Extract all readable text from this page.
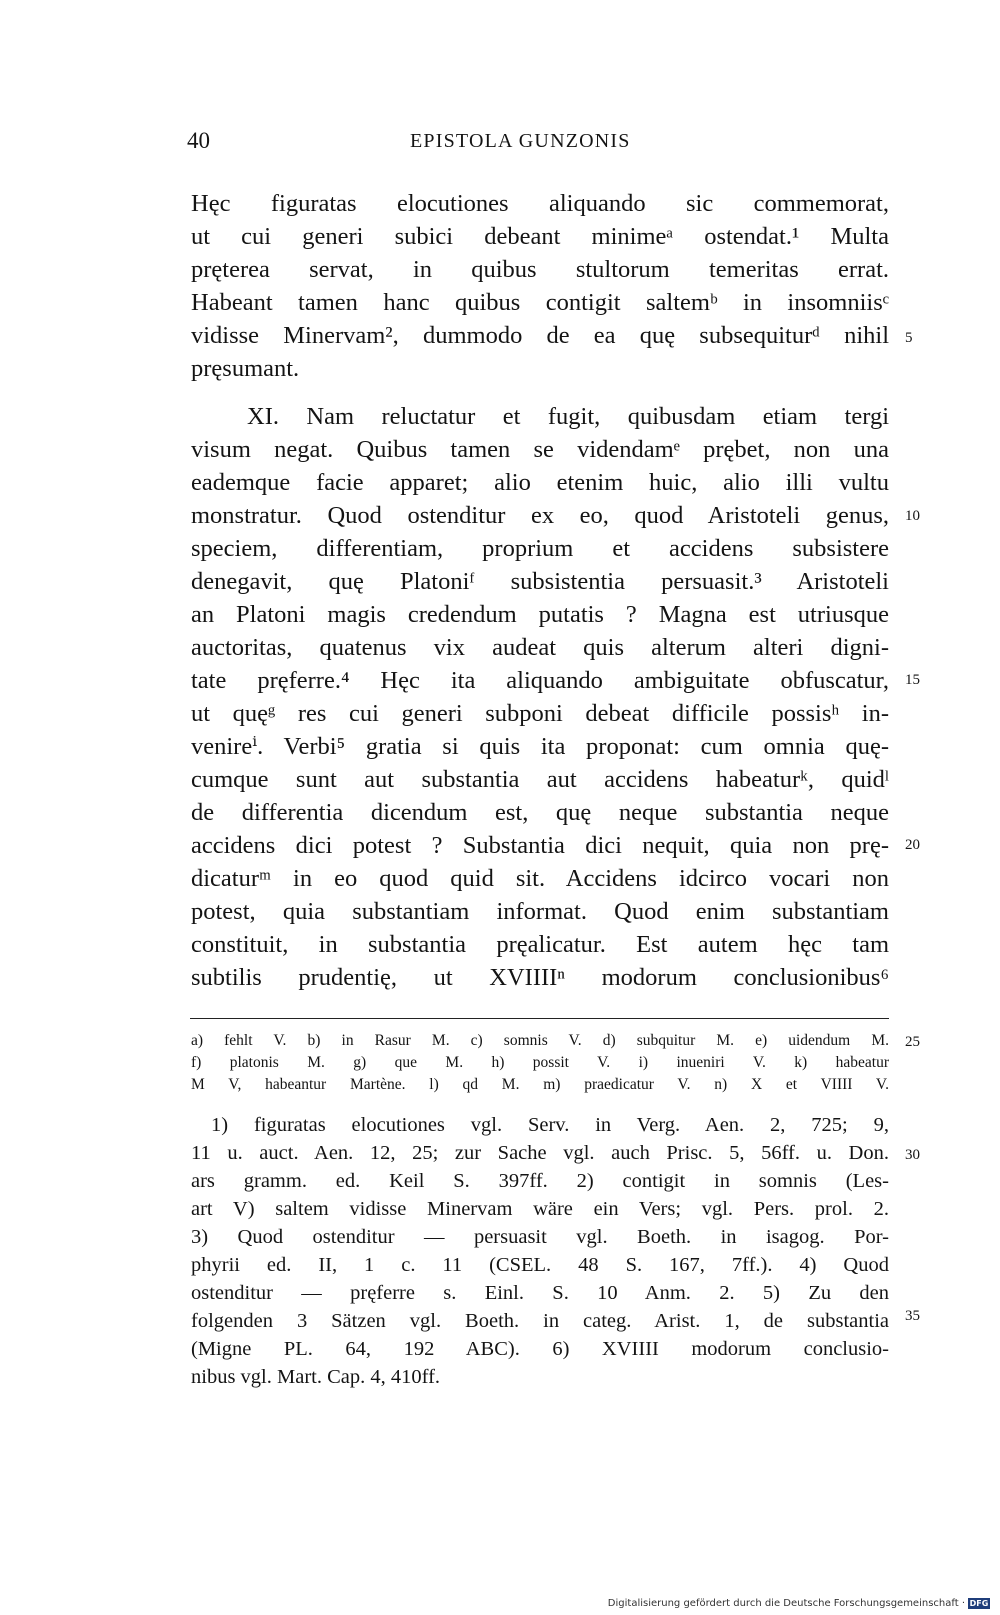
40	EPISTOLA GUNZONIS
Hęc figuratas elocutiones aliquando sic commemorat,
ut cui generi subici debeant minimeᵃ ostendat.¹ Multa
pręterea servat, in quibus stultorum temeritas errat.
Habeant tamen hanc quibus contigit saltemᵇ in insomniisᶜ
vidisse Minervam², dummodo de ea quę subsequiturᵈ nihil
pręsumant.
XI. Nam reluctatur et fugit, quibusdam etiam tergi
visum negat. Quibus tamen se videndamᵉ prębet, non una
eademque facie apparet; alio etenim huic, alio illi vultu
monstratur. Quod ostenditur ex eo, quod Aristoteli genus,
speciem, differentiam, proprium et accidens subsistere
denegavit, quę Platoniᶠ subsistentia persuasit.³ Aristoteli
an Platoni magis credendum putatis ? Magna est utriusque
auctoritas, quatenus vix audeat quis alterum alteri digni-
tate pręferre.⁴ Hęc ita aliquando ambiguitate obfuscatur,
ut quęᵍ res cui generi subponi debeat difficile possisʰ in-
venireⁱ. Verbi⁵ gratia si quis ita proponat: cum omnia quę-
cumque sunt aut substantia aut accidens habeaturᵏ, quidˡ
de differentia dicendum est, quę neque substantia neque
accidens dici potest ? Substantia dici nequit, quia non prę-
dicaturᵐ in eo quod quid sit. Accidens idcirco vocari non
potest, quia substantiam informat. Quod enim substantiam
constituit, in substantia pręalicatur. Est autem hęc tam
subtilis prudentię, ut XVIIIIⁿ modorum conclusionibus⁶
5
10
15
20
25
30
35
a) fehlt V. b) in Rasur M. c) somnis V. d) subquitur M. e) uidendum M.
f) platonis M. g) que M. h) possit V. i) inueniri V. k) habeatur
M V, habeantur Martène. l) qd M. m) praedicatur V. n) X et VIIII V.
1) figuratas elocutiones vgl. Serv. in Verg. Aen. 2, 725; 9,
11 u. auct. Aen. 12, 25; zur Sache vgl. auch Prisc. 5, 56ff. u. Don.
ars gramm. ed. Keil S. 397ff. 2) contigit in somnis (Les-
art V) saltem vidisse Minervam wäre ein Vers; vgl. Pers. prol. 2.
3) Quod ostenditur — persuasit vgl. Boeth. in isagog. Por-
phyrii ed. II, 1 c. 11 (CSEL. 48 S. 167, 7ff.). 4) Quod
ostenditur — pręferre s. Einl. S. 10 Anm. 2. 5) Zu den
folgenden 3 Sätzen vgl. Boeth. in categ. Arist. 1, de substantia
(Migne PL. 64, 192 ABC). 6) XVIIII modorum conclusio-
nibus vgl. Mart. Cap. 4, 410ff.
Digitalisierung gefördert durch die Deutsche Forschungsgemeinschaft · DFG
